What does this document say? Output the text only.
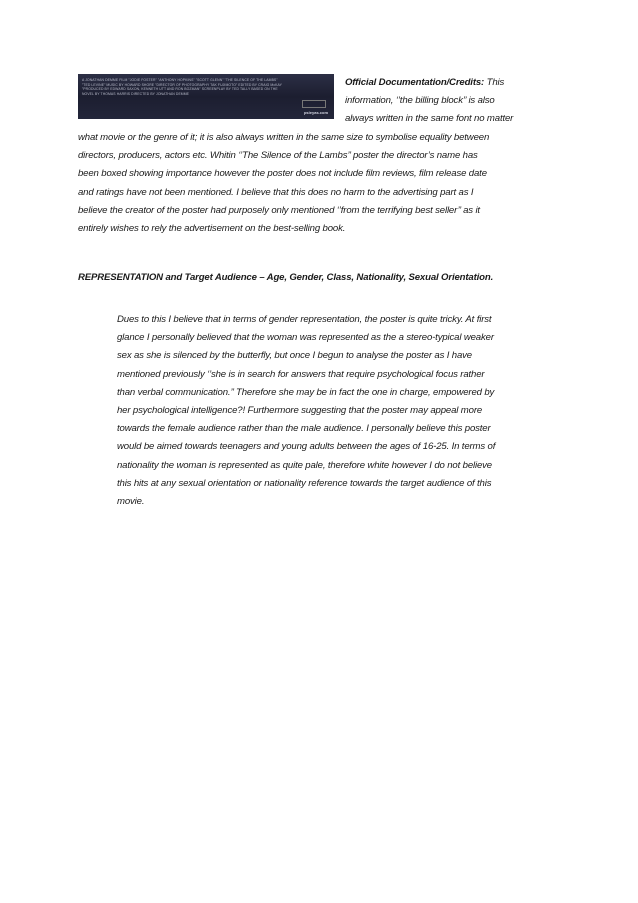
A JONATHAN DEMME FILM "JODIE FOSTER" "ANTHONY HOPKINS" "SCOTT GLENN" "THE SILENCE OF THE LAMBS" "TED LEVINE" MUSIC BY HOWARD SHORE "DIRECTOR OF PHOTOGRAPHY TAK FUJIMOTO" EDITED BY CRAIG McKAY "PRODUCED BY EDWARD SAXON, KENNETH UTT AND RON BOZMAN" SCREENPLAY BY TED TALLY BASED ON THE NOVEL BY THOMAS HARRIS DIRECTED BY JONATHAN DEMME
psleyas.com

Official Documentation/Credits: This

information, ‘’the billing block’’ is also

always written in the same font no matter

what movie or the genre of it; it is also always written in the same size to symbolise equality between

directors, producers, actors etc. Whitin ‘’The Silence of the Lambs’’ poster the director’s name has

been boxed showing importance however the poster does not include film reviews, film release date

and ratings have not been mentioned. I believe that this does no harm to the advertising part as I

believe the creator of the poster had purposely only mentioned ‘’from the terrifying best seller’’ as it

entirely wishes to rely the advertisement on the best-selling book.

REPRESENTATION and Target Audience – Age, Gender, Class, Nationality, Sexual Orientation.

Dues to this I believe that in terms of gender representation, the poster is quite tricky. At first

glance I personally believed that the woman was represented as the a stereo-typical weaker

sex as she is silenced by the butterfly, but once I begun to analyse the poster as I have

mentioned previously ‘’she is in search for answers that require psychological focus rather

than verbal communication.’’ Therefore she may be in fact the one in charge, empowered by

her psychological intelligence?! Furthermore suggesting that the poster may appeal more

towards the female audience rather than the male audience. I personally believe this poster

would be aimed towards teenagers and young adults between the ages of 16-25. In terms of

nationality the woman is represented as quite pale, therefore white however I do not believe

this hits at any sexual orientation or nationality reference towards the target audience of this

movie.
